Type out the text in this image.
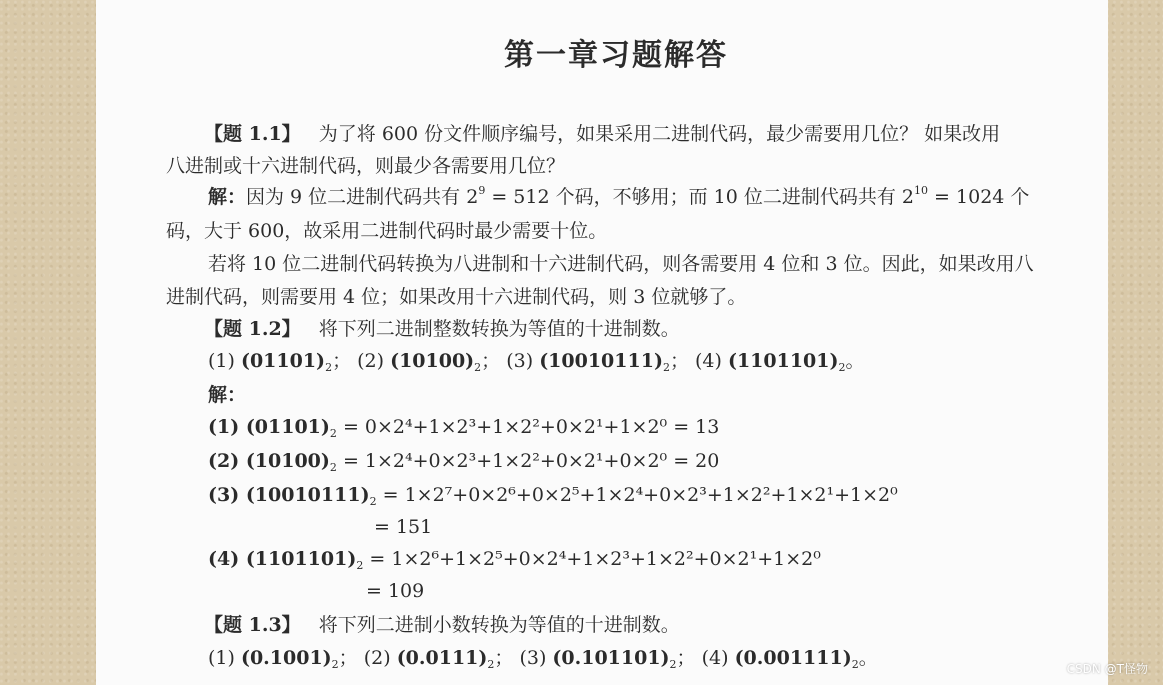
第一章习题解答
【题 1.1】 为了将 600 份文件顺序编号，如果采用二进制代码，最少需要用几位？ 如果改用
八进制或十六进制代码，则最少各需要用几位？
解：因为 9 位二进制代码共有 $2^9 = 512$ 个码，不够用；而 10 位二进制代码共有 $2^{10} = 1024$ 个
码，大于 600，故采用二进制代码时最少需要十位。
若将 10 位二进制代码转换为八进制和十六进制代码，则各需要用 4 位和 3 位。因此，如果改用八
进制代码，则需要用 4 位；如果改用十六进制代码，则 3 位就够了。
【题 1.2】 将下列二进制整数转换为等值的十进制数。
(1) $(01101)_2$； (2) $(10100)_2$； (3) $(10010111)_2$； (4) $(1101101)_2$。
解：
(1) $(01101)_2 = 0\times 2^4+1\times 2^3+1\times 2^2+0\times 2^1+1\times 2^0 = 13$
(2) $(10100)_2 = 1\times 2^4+0\times 2^3+1\times 2^2+0\times 2^1+0\times 2^0 = 20$
(3) $(10010111)_2 = 1\times 2^7+0\times 2^6+0\times 2^5+1\times 2^4+0\times 2^3+1\times 2^2+1\times 2^1+1\times 2^0$
= 151
(4) $(1101101)_2 = 1\times 2^6+1\times 2^5+0\times 2^4+1\times 2^3+1\times 2^2+0\times 2^1+1\times 2^0$
= 109
【题 1.3】 将下列二进制小数转换为等值的十进制数。
(1) $(0.1001)_2$； (2) $(0.0111)_2$； (3) $(0.101101)_2$； (4) $(0.001111)_2$。	CSDN @T怪物
